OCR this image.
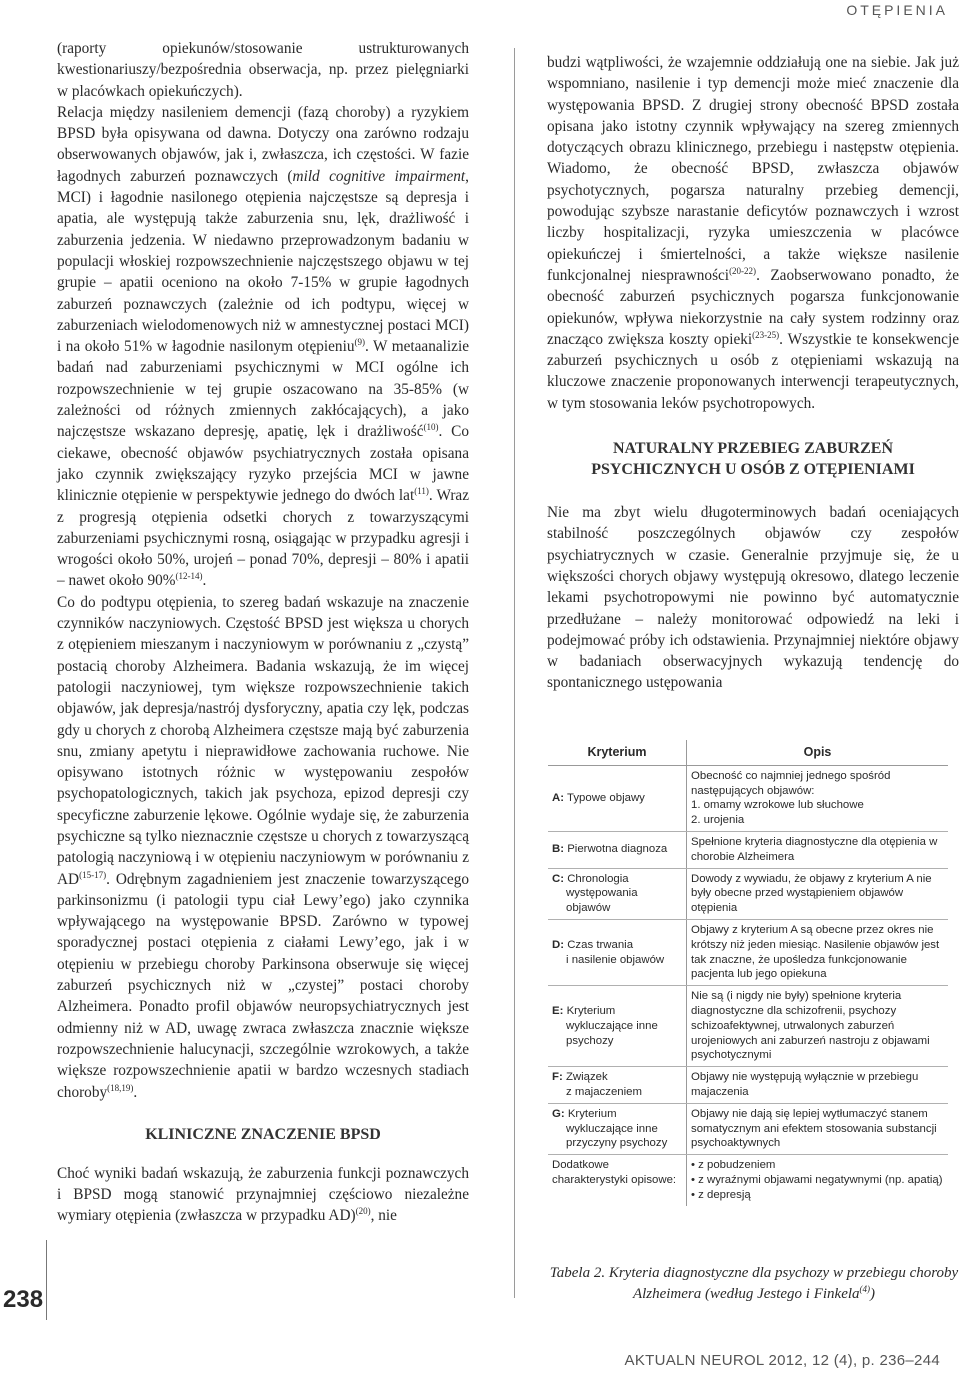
OTĘPIENIA

(raporty opiekunów/stosowanie ustrukturowanych kwestionariuszy/bezpośrednia obserwacja, np. przez pielęgniarki w placówkach opiekuńczych).
Relacja między nasileniem demencji (fazą choroby) a ryzykiem BPSD była opisywana od dawna. Dotyczy ona zarówno rodzaju obserwowanych objawów, jak i, zwłaszcza, ich częstości. W fazie łagodnych zaburzeń poznawczych (mild cognitive impairment, MCI) i łagodnie nasilonego otępienia najczęstsze są depresja i apatia, ale występują także zaburzenia snu, lęk, drażliwość i zaburzenia jedzenia. W niedawno przeprowadzonym badaniu w populacji włoskiej rozpowszechnienie najczęstszego objawu w tej grupie – apatii oceniono na około 7-15% w grupie łagodnych zaburzeń poznawczych (zależnie od ich podtypu, więcej w zaburzeniach wielodomenowych niż w amnestycznej postaci MCI) i na około 51% w łagodnie nasilonym otępieniu$^{(9)}$. W metaanalizie badań nad zaburzeniami psychicznymi w MCI ogólne ich rozpowszechnienie w tej grupie oszacowano na 35-85% (w zależności od różnych zmiennych zakłócających), a jako najczęstsze wskazano depresję, apatię, lęk i drażliwość$^{(10)}$. Co ciekawe, obecność objawów psychiatrycznych została opisana jako czynnik zwiększający ryzyko przejścia MCI w jawne klinicznie otępienie w perspektywie jednego do dwóch lat$^{(11)}$. Wraz z progresją otępienia odsetki chorych z towarzyszącymi zaburzeniami psychicznymi rosną, osiągając w przypadku agresji i wrogości około 50%, urojeń – ponad 70%, depresji – 80% i apatii – nawet około 90%$^{(12-14)}$.

Co do podtypu otępienia, to szereg badań wskazuje na znaczenie czynników naczyniowych. Częstość BPSD jest większa u chorych z otępieniem mieszanym i naczyniowym w porównaniu z „czystą” postacią choroby Alzheimera. Badania wskazują, że im więcej patologii naczyniowej, tym większe rozpowszechnienie takich objawów, jak depresja/nastrój dysforyczny, apatia czy lęk, podczas gdy u chorych z chorobą Alzheimera częstsze mają być zaburzenia snu, zmiany apetytu i nieprawidłowe zachowania ruchowe. Nie opisywano istotnych różnic w występowaniu zespołów psychopatologicznych, takich jak psychoza, epizod depresji czy specyficzne zaburzenie lękowe. Ogólnie wydaje się, że zaburzenia psychiczne są tylko nieznacznie częstsze u chorych z towarzyszącą patologią naczyniową i w otępieniu naczyniowym w porównaniu z AD$^{(15-17)}$. Odrębnym zagadnieniem jest znaczenie towarzyszącego parkinsonizmu (i patologii typu ciał Lewy’ego) jako czynnika wpływającego na występowanie BPSD. Zarówno w typowej sporadycznej postaci otępienia z ciałami Lewy’ego, jak i w otępieniu w przebiegu choroby Parkinsona obserwuje się więcej zaburzeń psychicznych niż w „czystej” postaci choroby Alzheimera. Ponadto profil objawów neuropsychiatrycznych jest odmienny niż w AD, uwagę zwraca zwłaszcza znacznie większe rozpowszechnienie halucynacji, szczególnie wzrokowych, a także większe rozpowszechnienie apatii w bardzo wczesnych stadiach choroby$^{(18,19)}$.

KLINICZNE ZNACZENIE BPSD

Choć wyniki badań wskazują, że zaburzenia funkcji poznawczych i BPSD mogą stanowić przynajmniej częściowo niezależne wymiary otępienia (zwłaszcza w przypadku AD)$^{(20)}$, nie

238

budzi wątpliwości, że wzajemnie oddziałują one na siebie. Jak już wspomniano, nasilenie i typ demencji może mieć znaczenie dla występowania BPSD. Z drugiej strony obecność BPSD została opisana jako istotny czynnik wpływający na szereg zmiennych dotyczących obrazu klinicznego, przebiegu i następstw otępienia. Wiadomo, że obecność BPSD, zwłaszcza objawów psychotycznych, pogarsza naturalny przebieg demencji, powodując szybsze narastanie deficytów poznawczych i wzrost liczby hospitalizacji, ryzyka umieszczenia w placówce opiekuńczej i śmiertelności, a także większe nasilenie funkcjonalnej niesprawności$^{(20-22)}$. Zaobserwowano ponadto, że obecność zaburzeń psychicznych pogarsza funkcjonowanie opiekunów, wpływa niekorzystnie na cały system rodzinny oraz znacząco zwiększa koszty opieki$^{(23-25)}$. Wszystkie te konsekwencje zaburzeń psychicznych u osób z otępieniami wskazują na kluczowe znaczenie proponowanych interwencji terapeutycznych, w tym stosowania leków psychotropowych.

NATURALNY PRZEBIEG ZABURZEŃ
PSYCHICZNYCH U OSÓB Z OTĘPIENIAMI

Nie ma zbyt wielu długoterminowych badań oceniających stabilność poszczególnych objawów czy zespołów psychiatrycznych w czasie. Generalnie przyjmuje się, że u większości chorych objawy występują okresowo, dlatego leczenie lekami psychotropowymi nie powinno być automatycznie przedłużane – należy monitorować odpowiedź na leki i podejmować próby ich odstawienia. Przynajmniej niektóre objawy w badaniach obserwacyjnych wykazują tendencję do spontanicznego ustępowania

Kryterium	Opis
A: Typowe objawy	Obecność co najmniej jednego spośród następujących objawów:
1. omamy wzrokowe lub słuchowe
2. urojenia
B: Pierwotna diagnoza	Spełnione kryteria diagnostyczne dla otępienia w chorobie Alzheimera
C: Chronologia
występowania
objawów	Dowody z wywiadu, że objawy z kryterium A nie były obecne przed wystąpieniem objawów otępienia
D: Czas trwania
i nasilenie objawów	Objawy z kryterium A są obecne przez okres nie krótszy niż jeden miesiąc. Nasilenie objawów jest tak znaczne, że upośledza funkcjonowanie pacjenta lub jego opiekuna
E: Kryterium
wykluczające inne
psychozy	Nie są (i nigdy nie były) spełnione kryteria diagnostyczne dla schizofrenii, psychozy schizoafektywnej, utrwalonych zaburzeń urojeniowych ani zaburzeń nastroju z objawami psychotycznymi
F: Związek
z majaczeniem	Objawy nie występują wyłącznie w przebiegu majaczenia
G: Kryterium
wykluczające inne
przyczyny psychozy	Objawy nie dają się lepiej wytłumaczyć stanem somatycznym ani efektem stosowania substancji psychoaktywnych
Dodatkowe charakterystyki opisowe:	• z pobudzeniem
• z wyraźnymi objawami negatywnymi (np. apatią)
• z depresją
Tabela 2. Kryteria diagnostyczne dla psychozy w przebiegu choroby
Alzheimera (według Jestego i Finkela$^{(4)}$)
AKTUALN NEUROL 2012, 12 (4), p. 236–244
